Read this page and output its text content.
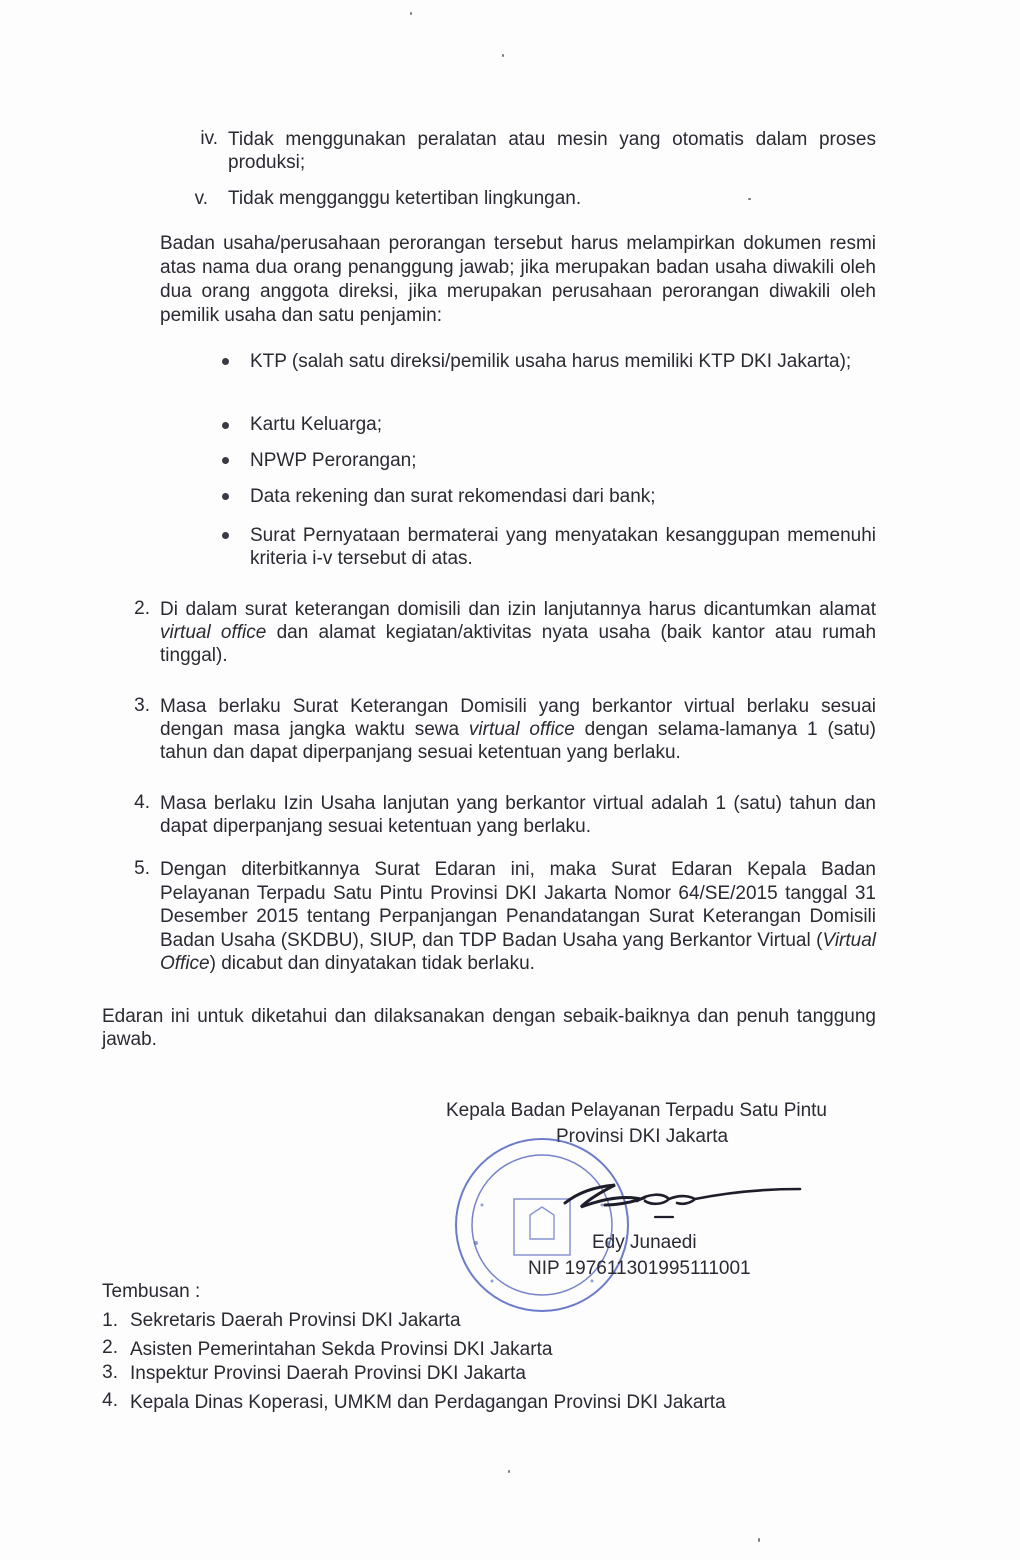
iv. Tidak menggunakan peralatan atau mesin yang otomatis dalam proses produksi;
v. Tidak mengganggu ketertiban lingkungan.
Badan usaha/perusahaan perorangan tersebut harus melampirkan dokumen resmi atas nama dua orang penanggung jawab; jika merupakan badan usaha diwakili oleh dua orang anggota direksi, jika merupakan perusahaan perorangan diwakili oleh pemilik usaha dan satu penjamin:
KTP (salah satu direksi/pemilik usaha harus memiliki KTP DKI Jakarta);
Kartu Keluarga;
NPWP Perorangan;
Data rekening dan surat rekomendasi dari bank;
Surat Pernyataan bermaterai yang menyatakan kesanggupan memenuhi kriteria i-v tersebut di atas.
2. Di dalam surat keterangan domisili dan izin lanjutannya harus dicantumkan alamat virtual office dan alamat kegiatan/aktivitas nyata usaha (baik kantor atau rumah tinggal).
3. Masa berlaku Surat Keterangan Domisili yang berkantor virtual berlaku sesuai dengan masa jangka waktu sewa virtual office dengan selama-lamanya 1 (satu) tahun dan dapat diperpanjang sesuai ketentuan yang berlaku.
4. Masa berlaku Izin Usaha lanjutan yang berkantor virtual adalah 1 (satu) tahun dan dapat diperpanjang sesuai ketentuan yang berlaku.
5. Dengan diterbitkannya Surat Edaran ini, maka Surat Edaran Kepala Badan Pelayanan Terpadu Satu Pintu Provinsi DKI Jakarta Nomor 64/SE/2015 tanggal 31 Desember 2015 tentang Perpanjangan Penandatangan Surat Keterangan Domisili Badan Usaha (SKDBU), SIUP, dan TDP Badan Usaha yang Berkantor Virtual (Virtual Office) dicabut dan dinyatakan tidak berlaku.
Edaran ini untuk diketahui dan dilaksanakan dengan sebaik-baiknya dan penuh tanggung jawab.
Kepala Badan Pelayanan Terpadu Satu Pintu
Provinsi DKI Jakarta
Edy Junaedi
NIP 197611301995111001
Tembusan :
1. Sekretaris Daerah Provinsi DKI Jakarta
2. Asisten Pemerintahan Sekda Provinsi DKI Jakarta
3. Inspektur Provinsi Daerah Provinsi DKI Jakarta
4. Kepala Dinas Koperasi, UMKM dan Perdagangan Provinsi DKI Jakarta
